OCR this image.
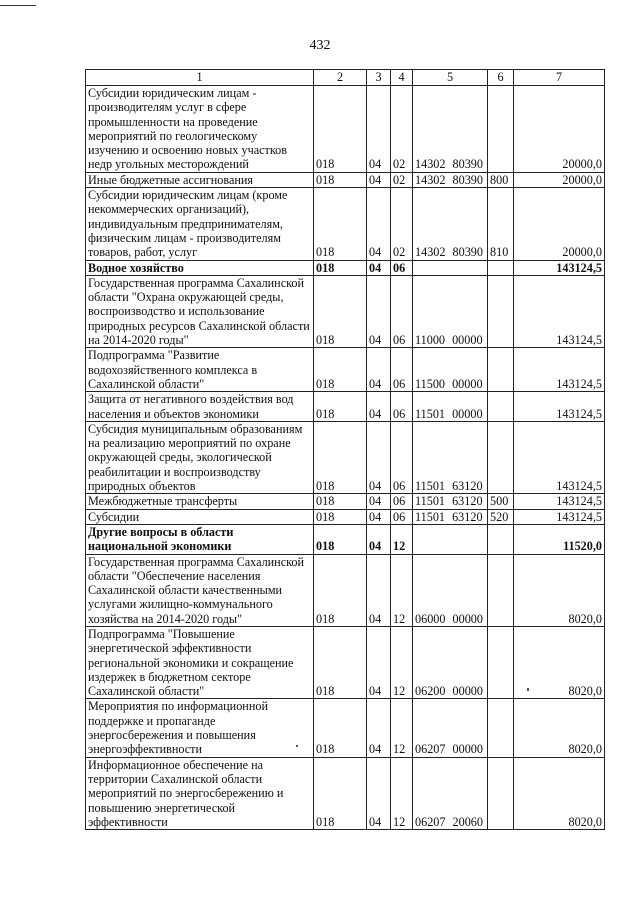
432
1	2	3	4	5	6	7
Субсидии юридическим лицам - производителям услуг в сфере промышленности на проведение мероприятий по геологическому изучению и освоению новых участков недр угольных месторождений	018	04	02	14302 80390		20000,0
Иные бюджетные ассигнования	018	04	02	14302 80390	800	20000,0
Субсидии юридическим лицам (кроме некоммерческих организаций), индивидуальным предпринимателям, физическим лицам - производителям товаров, работ, услуг	018	04	02	14302 80390	810	20000,0
Водное хозяйство	018	04	06			143124,5
Государственная программа Сахалинской области "Охрана окружающей среды, воспроизводство и использование природных ресурсов Сахалинской области на 2014-2020 годы"	018	04	06	11000 00000		143124,5
Подпрограмма "Развитие водохозяйственного комплекса в Сахалинской области"	018	04	06	11500 00000		143124,5
Защита от негативного воздействия вод населения и объектов экономики	018	04	06	11501 00000		143124,5
Субсидия муниципальным образованиям на реализацию мероприятий по охране окружающей среды, экологической реабилитации и воспроизводству природных объектов	018	04	06	11501 63120		143124,5
Межбюджетные трансферты	018	04	06	11501 63120	500	143124,5
Субсидии	018	04	06	11501 63120	520	143124,5
Другие вопросы в области национальной экономики	018	04	12			11520,0
Государственная программа Сахалинской области "Обеспечение населения Сахалинской области качественными услугами жилищно-коммунального хозяйства на 2014-2020 годы"	018	04	12	06000 00000		8020,0
Подпрограмма "Повышение энергетической эффективности региональной экономики и сокращение издержек в бюджетном секторе Сахалинской области"	018	04	12	06200 00000		8020,0
Мероприятия по информационной поддержке и пропаганде энергосбережения и повышения энергоэффективности	018	04	12	06207 00000		8020,0
Информационное обеспечение на территории Сахалинской области мероприятий по энергосбережению и повышению энергетической эффективности	018	04	12	06207 20060		8020,0
